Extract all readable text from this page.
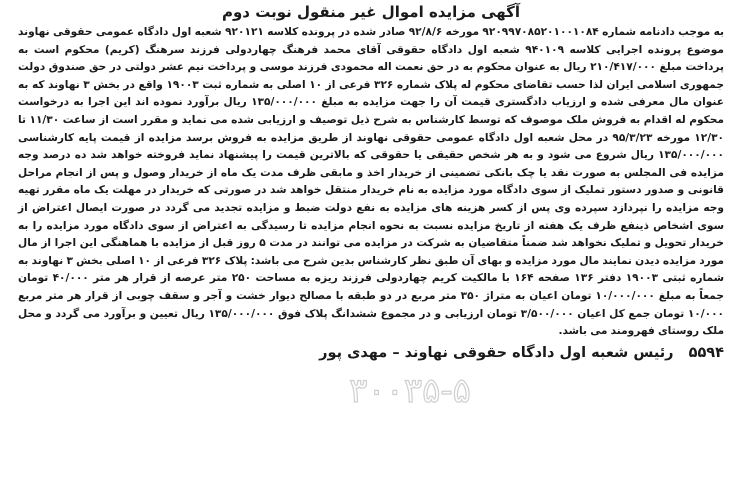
آگهی مزایده اموال غیر منقول نوبت دوم

به موجب دادنامه شماره ۹۲۰۹۹۷۰۸۵۲۰۱۰۰۱۰۸۴ مورخه ۹۲/۸/۶ صادر شده در پرونده کلاسه ۹۲۰۱۲۱ شعبه اول دادگاه عمومی حقوقی نهاوند موضوع پرونده اجرایی کلاسه ۹۴۰۱۰۹ شعبه اول دادگاه حقوقی آقای محمد فرهنگ چهاردولی فرزند سرهنگ (کریم) محکوم است به پرداخت مبلغ ۲۱۰/۴۱۷/۰۰۰ ریال به عنوان محکوم به در حق نعمت اله محمودی فرزند موسی و پرداخت نیم عشر دولتی در حق صندوق دولت جمهوری اسلامی ایران لذا حسب تقاضای محکوم له پلاک شماره ۳۲۶ فرعی از ۱۰ اصلی به شماره ثبت ۱۹۰۰۳ واقع در بخش ۳ نهاوند که به عنوان مال معرفی شده و ارزیاب دادگستری قیمت آن را جهت مزایده به مبلغ ۱۳۵/۰۰۰/۰۰۰ ریال برآورد نموده اند این اجرا به درخواست محکوم له اقدام به فروش ملک موصوف که توسط کارشناس به شرح ذیل توصیف و ارزیابی شده می نماید و مقرر است از ساعت ۱۱/۳۰ تا ۱۲/۳۰ مورخه ۹۵/۳/۲۳ در محل شعبه اول دادگاه عمومی حقوقی نهاوند از طریق مزایده به فروش برسد مزایده از قیمت پایه کارشناسی ۱۳۵/۰۰۰/۰۰۰ ریال شروع می شود و به هر شخص حقیقی یا حقوقی که بالاترین قیمت را پیشنهاد نماید فروخته خواهد شد ده درصد وجه مزایده فی المجلس به صورت نقد یا چک بانکی تضمینی از خریدار اخذ و مابقی ظرف مدت یک ماه از خریدار وصول و پس از انجام مراحل قانونی و صدور دستور تملیک از سوی دادگاه مورد مزایده به نام خریدار منتقل خواهد شد در صورتی که خریدار در مهلت یک ماه مقرر تهیه وجه مزایده را نپردازد سپرده وی پس از کسر هزینه های مزایده به نفع دولت ضبط و مزایده تجدید می گردد در صورت ایصال اعتراض از سوی اشخاص ذینفع ظرف یک هفته از تاریخ مزایده نسبت به نحوه انجام مزایده تا رسیدگی به اعتراض از سوی دادگاه مورد مزایده را به خریدار تحویل و تملیک نخواهد شد ضمناً متقاضیان به شرکت در مزایده می توانند در مدت ۵ روز قبل از مزایده با هماهنگی این اجرا از مال مورد مزایده دیدن نمایند مال مورد مزایده و بهای آن طبق نظر کارشناس بدین شرح می باشد: پلاک ۳۲۶ فرعی از ۱۰ اصلی بخش ۳ نهاوند به شماره ثبتی ۱۹۰۰۳ دفتر ۱۳۶ صفحه ۱۶۴ با مالکیت کریم چهاردولی فرزند ریزه به مساحت ۲۵۰ متر عرصه از قرار هر متر ۴۰/۰۰۰ تومان جمعاً به مبلغ ۱۰/۰۰۰/۰۰۰ تومان اعیان به متراژ ۳۵۰ متر مربع در دو طبقه با مصالح دیوار خشت و آجر و سقف چوبی از قرار هر متر مربع ۱۰/۰۰۰ تومان جمع کل اعیان ۳/۵۰۰/۰۰۰ تومان ارزیابی و در مجموع ششدانگ پلاک فوق ۱۳۵/۰۰۰/۰۰۰ ریال تعیین و برآورد می گردد و محل ملک روستای فهرومند می باشد.

۵۵۹۴ رئیس شعبه اول دادگاه حقوقی نهاوند – مهدی پور
۳۰۰۳۵-۵
